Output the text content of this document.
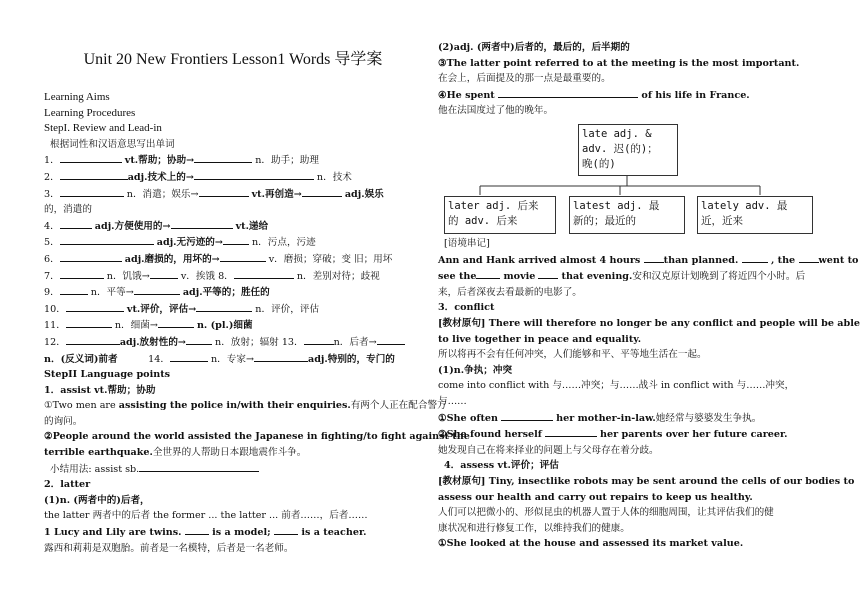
Unit 20 New Frontiers Lesson1 Words 导学案
Learning Aims
Learning Procedures
StepI. Review and Lead-in
根据词性和汉语意思写出单词
1．	vt.帮助；协助→	n．助手；助理
2．	adj.技术上的→	n．技术
3．	n．消遣；娱乐→	vt.再创造→	adj.娱乐
的，消遣的
4．	adj.方便使用的→	vt.递给
5．	adj.无污迹的→	n．污点，污迹
6．	adj.磨损的，用坏的→	v．磨损；穿破；变 旧；用坏
7．	n．饥饿→	v．挨饿 8．	n．差别对待；歧视
9．	n．平等→	adj.平等的；胜任的
10．	vt.评价，评估→	n．评价，评估
11．	n．细菌→	n. (pl.)细菌
12．	adj.放射性的→	n．放射；辐射 13．	n．后者→
n．(反义词)前者	14．	n．专家→	adj.特别的，专门的
StepII Language points
1．assist vt.帮助；协助
①Two men are assisting the police in/with their enquiries.有两个人正在配合警方
的询问。
②People around the world assisted the Japanese in fighting/to fight against the
terrible earthquake.全世界的人帮助日本跟地震作斗争。
小结用法: assist sb.
2．latter
(1)n. (两者中的)后者，
the latter 两者中的后者 the former ... the latter ... 前者……，后者……
1 Lucy and Lily are twins.	is a model;	is a teacher.
露西和莉莉是双胞胎。前者是一名模特，后者是一名老师。
(2)adj. (两者中)后者的，最后的，后半期的
③The latter point referred to at the meeting is the most important.
在会上，后面提及的那一点是最重要的。
④He spent	of his life in France.
他在法国度过了他的晚年。
late adj. &
adv. 迟(的)；
晚(的)
later adj. 后来
的 adv. 后来
latest adj. 最
新的；最近的
lately adv. 最
近，近来
[语境串记]
Ann and Hank arrived almost 4 hours than planned.	, the went to
see the	movie	that evening.安和汉克原计划晚到了将近四个小时。后
来，后者深夜去看最新的电影了。
3．conflict
[教材原句] There will therefore no longer be any conflict and people will be able
to live together in peace and equality.
所以将再不会有任何冲突，人们能够和平、平等地生活在一起。
(1)n.争执；冲突
come into conflict with 与……冲突；与……战斗 in conflict with 与……冲突，
与……
①She often	her mother-in-law.她经常与婆婆发生争执。
②She found herself	her parents over her future career.
她发现自己在将来择业的问题上与父母存在着分歧。
4．assess vt.评价；评估
[教材原句] Tiny, insectlike robots may be sent around the cells of our bodies to
assess our health and carry out repairs to keep us healthy.
人们可以把微小的、形似昆虫的机器人置于人体的细胞周围，让其评估我们的健
康状况和进行修复工作，以维持我们的健康。
①She looked at the house and assessed its market value.
